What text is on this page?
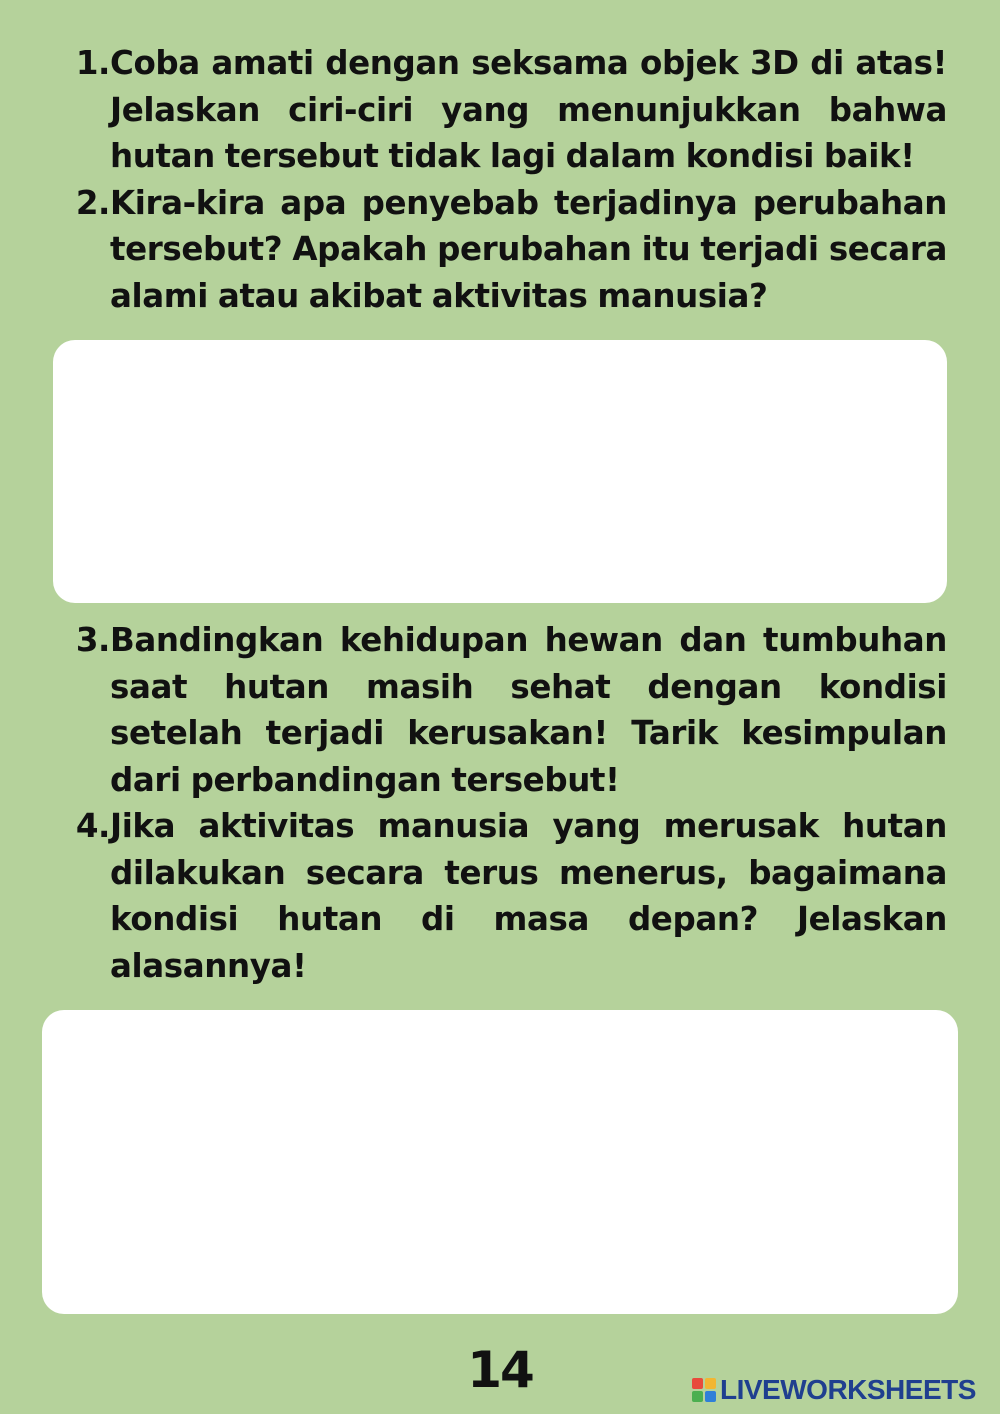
1. Coba amati dengan seksama objek 3D di atas! Jelaskan ciri-ciri yang menunjukkan bahwa hutan tersebut tidak lagi dalam kondisi baik!
2. Kira-kira apa penyebab terjadinya perubahan tersebut? Apakah perubahan itu terjadi secara alami atau akibat aktivitas manusia?
3. Bandingkan kehidupan hewan dan tumbuhan saat hutan masih sehat dengan kondisi setelah terjadi kerusakan! Tarik kesimpulan dari perbandingan tersebut!
4. Jika aktivitas manusia yang merusak hutan dilakukan secara terus menerus, bagaimana kondisi hutan di masa depan? Jelaskan alasannya!
14	LIVEWORKSHEETS
